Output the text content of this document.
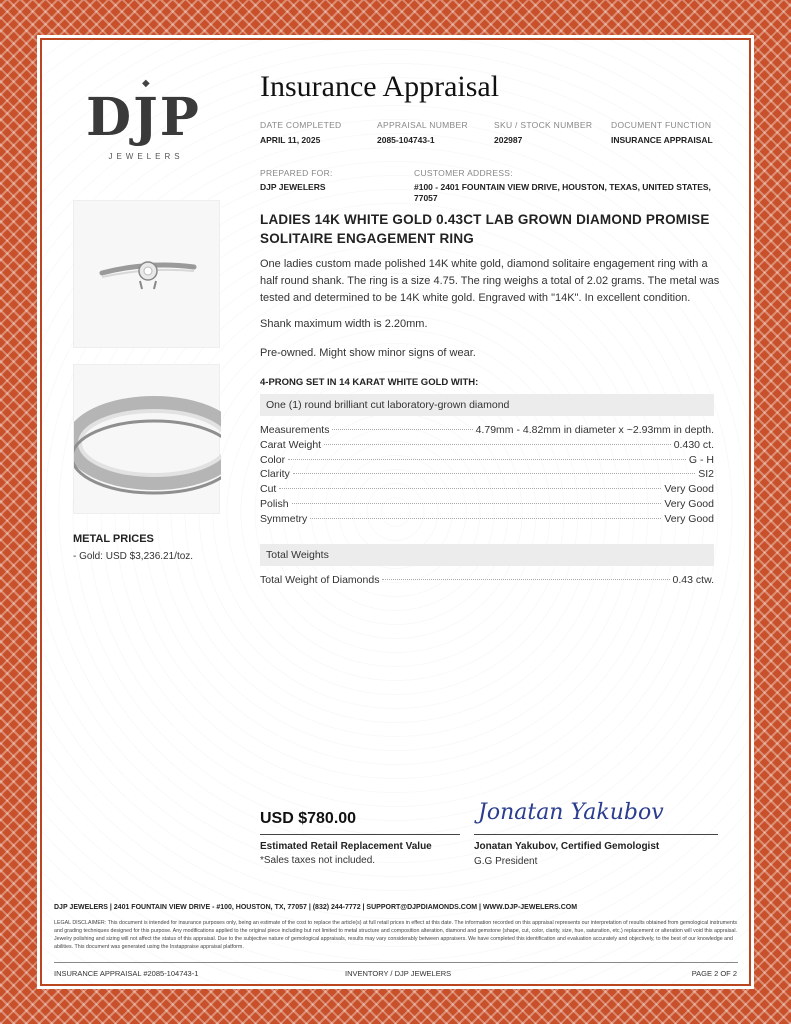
◆
DJP
JEWELERS
METAL PRICES
- Gold: USD $3,236.21/toz.
Insurance Appraisal
DATE COMPLETED
APRIL 11, 2025
APPRAISAL NUMBER
2085-104743-1
SKU / STOCK NUMBER
202987
DOCUMENT FUNCTION
INSURANCE APPRAISAL
PREPARED FOR:
DJP JEWELERS
CUSTOMER ADDRESS:
#100 - 2401 FOUNTAIN VIEW DRIVE, HOUSTON, TEXAS, UNITED STATES, 77057
LADIES 14K WHITE GOLD 0.43CT LAB GROWN DIAMOND PROMISE SOLITAIRE ENGAGEMENT RING
One ladies custom made polished 14K white gold, diamond solitaire engagement ring with a half round shank. The ring is a size 4.75. The ring weighs a total of 2.02 grams. The metal was tested and determined to be 14K white gold. Engraved with "14K". In excellent condition.
Shank maximum width is 2.20mm.
Pre-owned. Might show minor signs of wear.
4-PRONG SET IN 14 KARAT WHITE GOLD WITH:
One (1) round brilliant cut laboratory-grown diamond
Measurements	4.79mm - 4.82mm in diameter x ~2.93mm in depth.
Carat Weight	0.430 ct.
Color	G - H
Clarity	SI2
Cut	Very Good
Polish	Very Good
Symmetry	Very Good
Total Weights
Total Weight of Diamonds	0.43 ctw.
USD $780.00
Estimated Retail Replacement Value
*Sales taxes not included.
Jonatan Yakubov
Jonatan Yakubov, Certified Gemologist
G.G President
DJP JEWELERS | 2401 FOUNTAIN VIEW DRIVE - #100, HOUSTON, TX, 77057 | (832) 244-7772 | SUPPORT@DJPDIAMONDS.COM | WWW.DJP-JEWELERS.COM
LEGAL DISCLAIMER: This document is intended for insurance purposes only, being an estimate of the cost to replace the article(s) at full retail prices in effect at this date. The information recorded on this appraisal represents our interpretation of results obtained from gemological instruments and grading techniques designed for this purpose. Any modifications applied to the original piece including but not limited to metal structure and composition alteration, diamond and gemstone (shape, cut, color, clarity, size, hue, saturation, etc.) replacement or alteration will void this appraisal. Jewelry polishing and sizing will not affect the status of this appraisal. Due to the subjective nature of gemological appraisals, results may vary considerably between appraisers. We have completed this identification and evaluation accurately and objectively, to the best of our knowledge and abilities. This document was generated using the Instappraise appraisal platform.
INSURANCE APPRAISAL #2085-104743-1	INVENTORY / DJP JEWELERS	PAGE 2 OF 2
